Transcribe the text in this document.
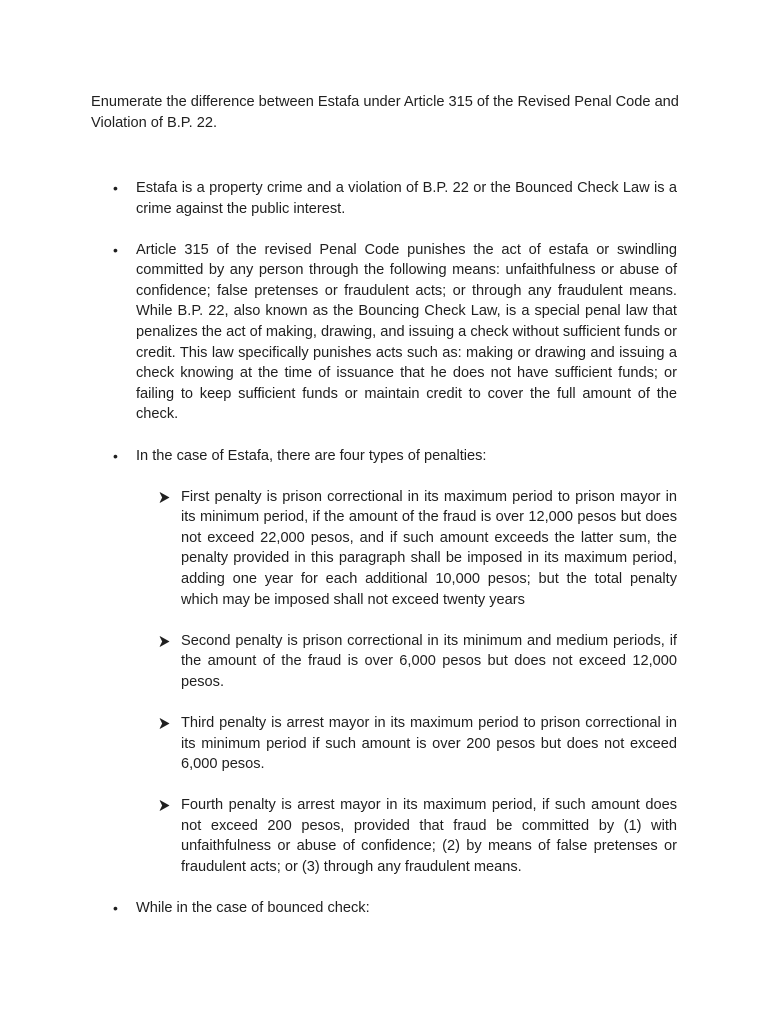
Enumerate the difference between Estafa under Article 315 of the Revised Penal Code and Violation of B.P. 22.

• Estafa is a property crime and a violation of B.P. 22 or the Bounced Check Law is a crime against the public interest.
• Article 315 of the revised Penal Code punishes the act of estafa or swindling committed by any person through the following means: unfaithfulness or abuse of confidence; false pretenses or fraudulent acts; or through any fraudulent means. While B.P. 22, also known as the Bouncing Check Law, is a special penal law that penalizes the act of making, drawing, and issuing a check without sufficient funds or credit. This law specifically punishes acts such as: making or drawing and issuing a check knowing at the time of issuance that he does not have sufficient funds; or failing to keep sufficient funds or maintain credit to cover the full amount of the check.
• In the case of Estafa, there are four types of penalties:
First penalty is prison correctional in its maximum period to prison mayor in its minimum period, if the amount of the fraud is over 12,000 pesos but does not exceed 22,000 pesos, and if such amount exceeds the latter sum, the penalty provided in this paragraph shall be imposed in its maximum period, adding one year for each additional 10,000 pesos; but the total penalty which may be imposed shall not exceed twenty years
Second penalty is prison correctional in its minimum and medium periods, if the amount of the fraud is over 6,000 pesos but does not exceed 12,000 pesos.
Third penalty is arrest mayor in its maximum period to prison correctional in its minimum period if such amount is over 200 pesos but does not exceed 6,000 pesos.
Fourth penalty is arrest mayor in its maximum period, if such amount does not exceed 200 pesos, provided that fraud be committed by (1) with unfaithfulness or abuse of confidence; (2) by means of false pretenses or fraudulent acts; or (3) through any fraudulent means.
• While in the case of bounced check:
